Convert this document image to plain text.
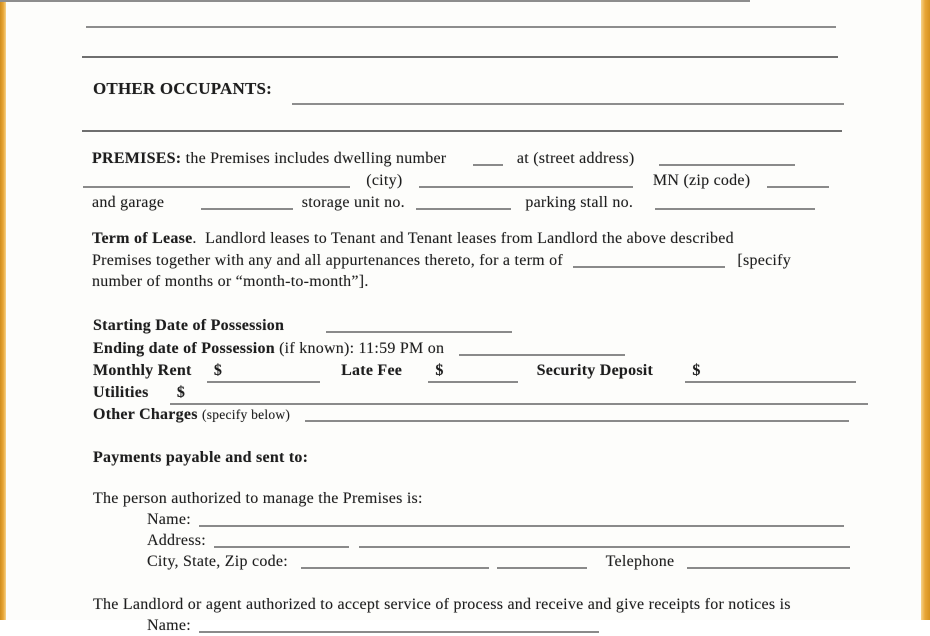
OTHER OCCUPANTS:
PREMISES: the Premises includes dwelling number	at (street address)
(city)	MN (zip code)
and garage	storage unit no.	parking stall no.
Term of Lease.  Landlord leases to Tenant and Tenant leases from Landlord the above described
Premises together with any and all appurtenances thereto, for a term of	[specify
number of months or “month-to-month”].
Starting Date of Possession
Ending date of Possession (if known): 11:59 PM on
Monthly Rent $	Late Fee $	Security Deposit $
Utilities $
Other Charges (specify below)
Payments payable and sent to:
The person authorized to manage the Premises is:
Name:
Address:
City, State, Zip code:	Telephone
The Landlord or agent authorized to accept service of process and receive and give receipts for notices is
Name:
